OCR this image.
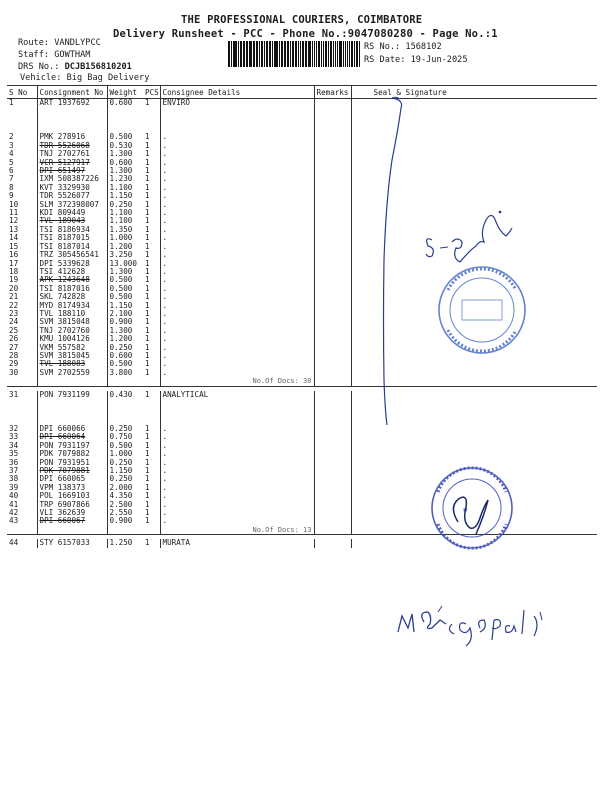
THE PROFESSIONAL COURIERS, COIMBATORE
Delivery Runsheet - PCC - Phone No.:9047080280 - Page No.:1
Route: VANDLYPCC
Staff: GOWTHAM
DRS No.: DCJB156810201
Vehicle: Big Bag Delivery
RS No.: 1568102
RS Date: 19-Jun-2025
S No	Consignment No	Weight	PCS	Consignee Details	Remarks	Seal & Signature
1	ART 1937692	0.600	1	ENVIRO		

2	PMK 278916	0.500	1	.		
3	TDR 5526068	0.530	1	.		
4	TNJ 2702761	1.300	1	.		
5	VCR 5127917	0.600	1	.		
6	DPI 651497	1.300	1	.		
7	IXM 508387226	1.230	1	.		
8	KVT 3329930	1.100	1	.		
9	TDR 5526077	1.150	1	.		
10	SLM 372398007	0.250	1	.		
11	KDI 809449	1.100	1	.		
12	TVL 189043	1.100	1	.		
13	TSI 8186934	1.350	1	.		
14	TSI 8187015	1.000	1	.		
15	TSI 8187014	1.200	1	.		
16	TRZ 305456541	3.250	1	.		
17	DPI 5339628	13.000	1	.		
18	TSI 412628	1.300	1	.		
19	APK 1243648	0.500	1	.		
20	TSI 8187016	0.500	1	.		
21	SKL 742828	0.500	1	.		
22	MYD 8174934	1.150	1	.		
23	TVL 188110	2.100	1	.		
24	SVM 3815048	0.900	1	.		
25	TNJ 2702760	1.300	1	.		
26	KMU 1004126	1.200	1	.		
27	VKM 557582	0.250	1	.		
28	SVM 3815045	0.600	1	.		
29	TVL 188083	0.500	1	.		
30	SVM 2702559	3.800	1	.		
				No.Of Docs: 30		

31	PON 7931199	0.430	1	ANALYTICAL		

32	DPI 660066	0.250	1	.		
33	DPI 660064	0.750	1	.		
34	PON 7931197	0.500	1	.		
35	PDK 7079882	1.000	1	.		
36	PON 7931951	0.250	1	.		
37	PDK 7079881	1.150	1	.		
38	DPI 660065	0.250	1	.		
39	VPM 138373	2.000	1	.		
40	POL 1669103	4.350	1	.		
41	TRP 6907866	2.500	1	.		
42	VLI 362639	2.550	1	.		
43	DPI 660067	0.900	1	.		
				No.Of Docs: 13		

44	STY 6157033	1.250	1	MURATA		
★
